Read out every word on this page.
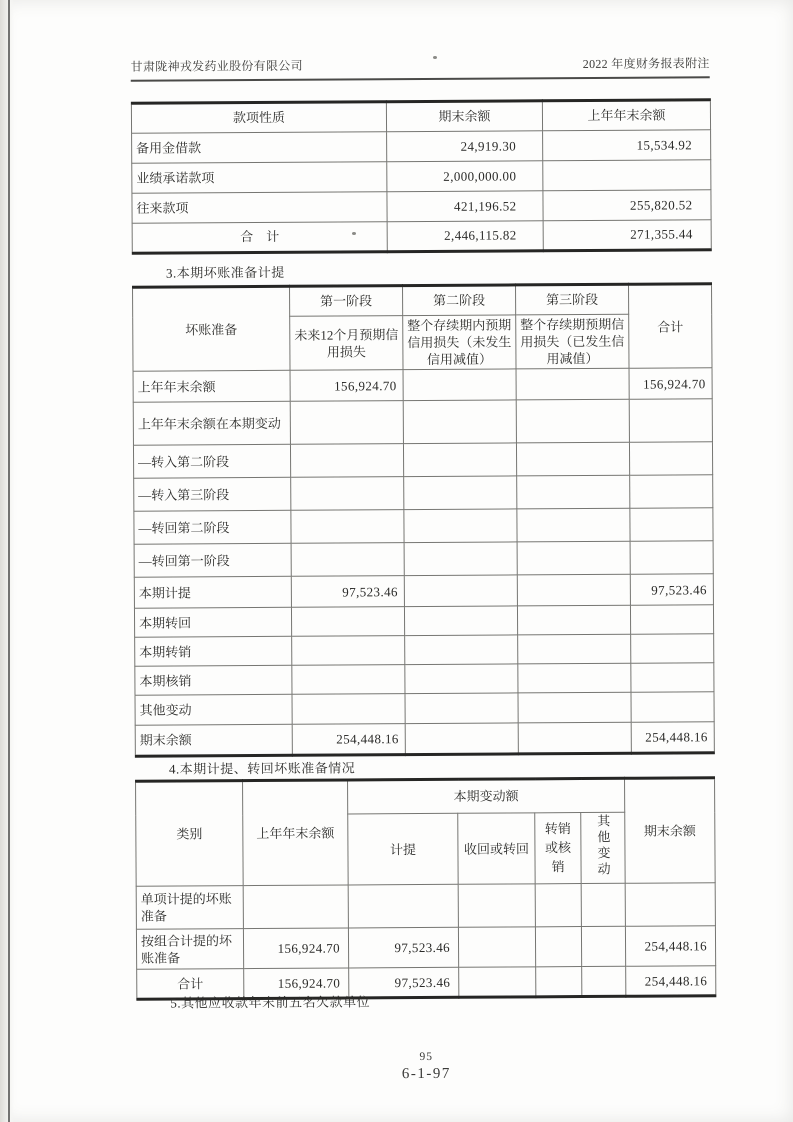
甘肃陇神戎发药业股份有限公司	2022 年度财务报表附注
款项性质	期末余额	上年年末余额
备用金借款	24,919.30	15,534.92
业绩承诺款项	2,000,000.00	
往来款项	421,196.52	255,820.52
合　计	2,446,115.82	271,355.44
3.本期坏账准备计提
坏账准备	第一阶段	第二阶段	第三阶段	合计
	未来12个月预期信用损失	整个存续期内预期信用损失（未发生信用减值）	整个存续期预期信用损失（已发生信用减值）	
上年年末余额	156,924.70			156,924.70
上年年末余额在本期变动				
—转入第二阶段				
—转入第三阶段				
—转回第二阶段				
—转回第一阶段				
本期计提	97,523.46			97,523.46
本期转回				
本期转销				
本期核销				
其他变动				
期末余额	254,448.16			254,448.16
4.本期计提、转回坏账准备情况
类别	上年年末余额	本期变动额				期末余额
		计提	收回或转回	转销或核销	其他变动	
单项计提的坏账准备						
按组合计提的坏账准备	156,924.70	97,523.46				254,448.16
合计	156,924.70	97,523.46				254,448.16
5.其他应收款年末前五名欠款单位
95
6-1-97
